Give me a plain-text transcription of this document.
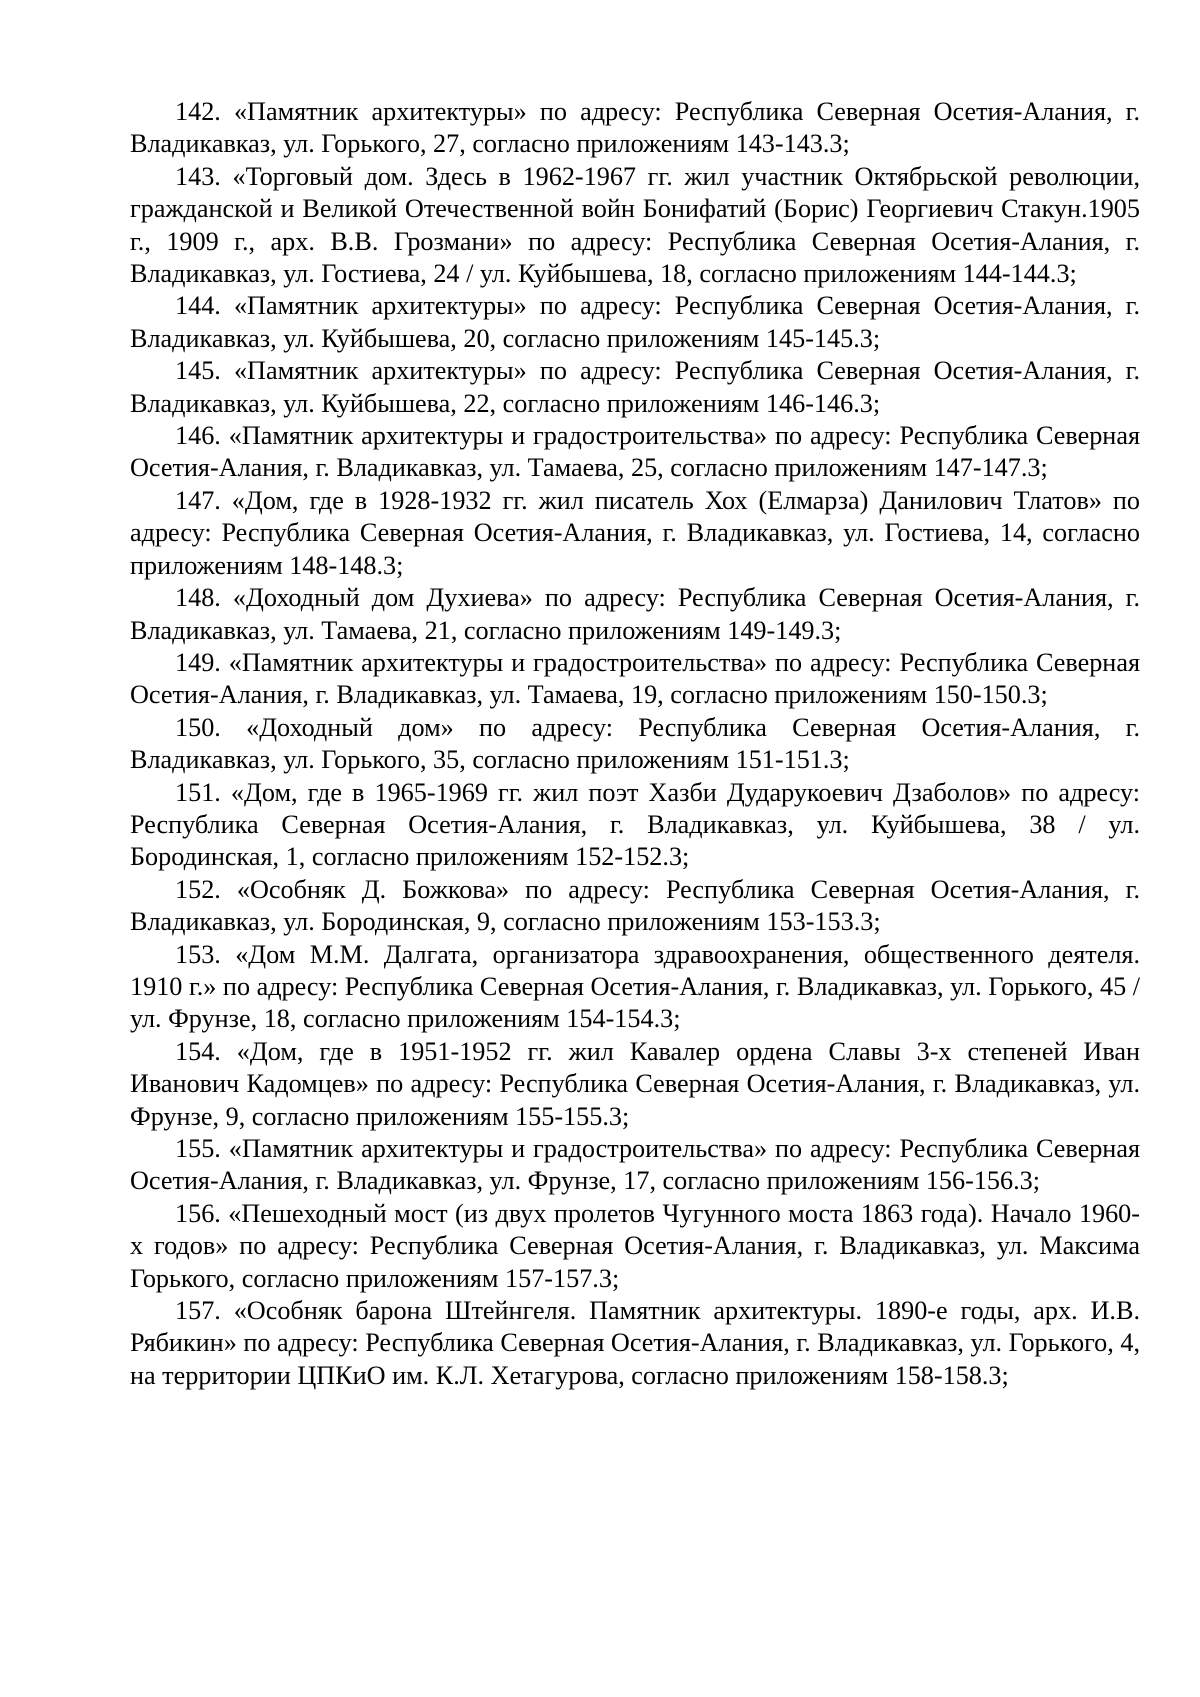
142. «Памятник архитектуры» по адресу: Республика Северная Осетия-Алания, г. Владикавказ, ул. Горького, 27, согласно приложениям 143-143.3;

143. «Торговый дом. Здесь в 1962-1967 гг. жил участник Октябрьской революции, гражданской и Великой Отечественной войн Бонифатий (Борис) Георгиевич Стакун.1905 г., 1909 г., арх. В.В. Грозмани» по адресу: Республика Северная Осетия-Алания, г. Владикавказ, ул. Гостиева, 24 / ул. Куйбышева, 18, согласно приложениям 144-144.3;

144. «Памятник архитектуры» по адресу: Республика Северная Осетия-Алания, г. Владикавказ, ул. Куйбышева, 20, согласно приложениям 145-145.3;

145. «Памятник архитектуры» по адресу: Республика Северная Осетия-Алания, г. Владикавказ, ул. Куйбышева, 22, согласно приложениям 146-146.3;

146. «Памятник архитектуры и градостроительства» по адресу: Республика Северная Осетия-Алания, г. Владикавказ, ул. Тамаева, 25, согласно приложениям 147-147.3;

147. «Дом, где в 1928-1932 гг. жил писатель Хох (Елмарза) Данилович Тлатов» по адресу: Республика Северная Осетия-Алания, г. Владикавказ, ул. Гостиева, 14, согласно приложениям 148-148.3;

148. «Доходный дом Духиева» по адресу: Республика Северная Осетия-Алания, г. Владикавказ, ул. Тамаева, 21, согласно приложениям 149-149.3;

149. «Памятник архитектуры и градостроительства» по адресу: Республика Северная Осетия-Алания, г. Владикавказ, ул. Тамаева, 19, согласно приложениям 150-150.3;

150. «Доходный дом» по адресу: Республика Северная Осетия-Алания, г. Владикавказ, ул. Горького, 35, согласно приложениям 151-151.3;

151. «Дом, где в 1965-1969 гг. жил поэт Хазби Дударукоевич Дзаболов» по адресу: Республика Северная Осетия-Алания, г. Владикавказ, ул. Куйбышева, 38 / ул. Бородинская, 1, согласно приложениям 152-152.3;

152. «Особняк Д. Божкова» по адресу: Республика Северная Осетия-Алания, г. Владикавказ, ул. Бородинская, 9, согласно приложениям 153-153.3;

153. «Дом М.М. Далгата, организатора здравоохранения, общественного деятеля. 1910 г.» по адресу: Республика Северная Осетия-Алания, г. Владикавказ, ул. Горького, 45 / ул. Фрунзе, 18, согласно приложениям 154-154.3;

154. «Дом, где в 1951-1952 гг. жил Кавалер ордена Славы 3-х степеней Иван Иванович Кадомцев» по адресу: Республика Северная Осетия-Алания, г. Владикавказ, ул. Фрунзе, 9, согласно приложениям 155-155.3;

155. «Памятник архитектуры и градостроительства» по адресу: Республика Северная Осетия-Алания, г. Владикавказ, ул. Фрунзе, 17, согласно приложениям 156-156.3;

156. «Пешеходный мост (из двух пролетов Чугунного моста 1863 года). Начало 1960-х годов» по адресу: Республика Северная Осетия-Алания, г. Владикавказ, ул. Максима Горького, согласно приложениям 157-157.3;

157. «Особняк барона Штейнгеля. Памятник архитектуры. 1890-е годы, арх. И.В. Рябикин» по адресу: Республика Северная Осетия-Алания, г. Владикавказ, ул. Горького, 4, на территории ЦПКиО им. К.Л. Хетагурова, согласно приложениям 158-158.3;
